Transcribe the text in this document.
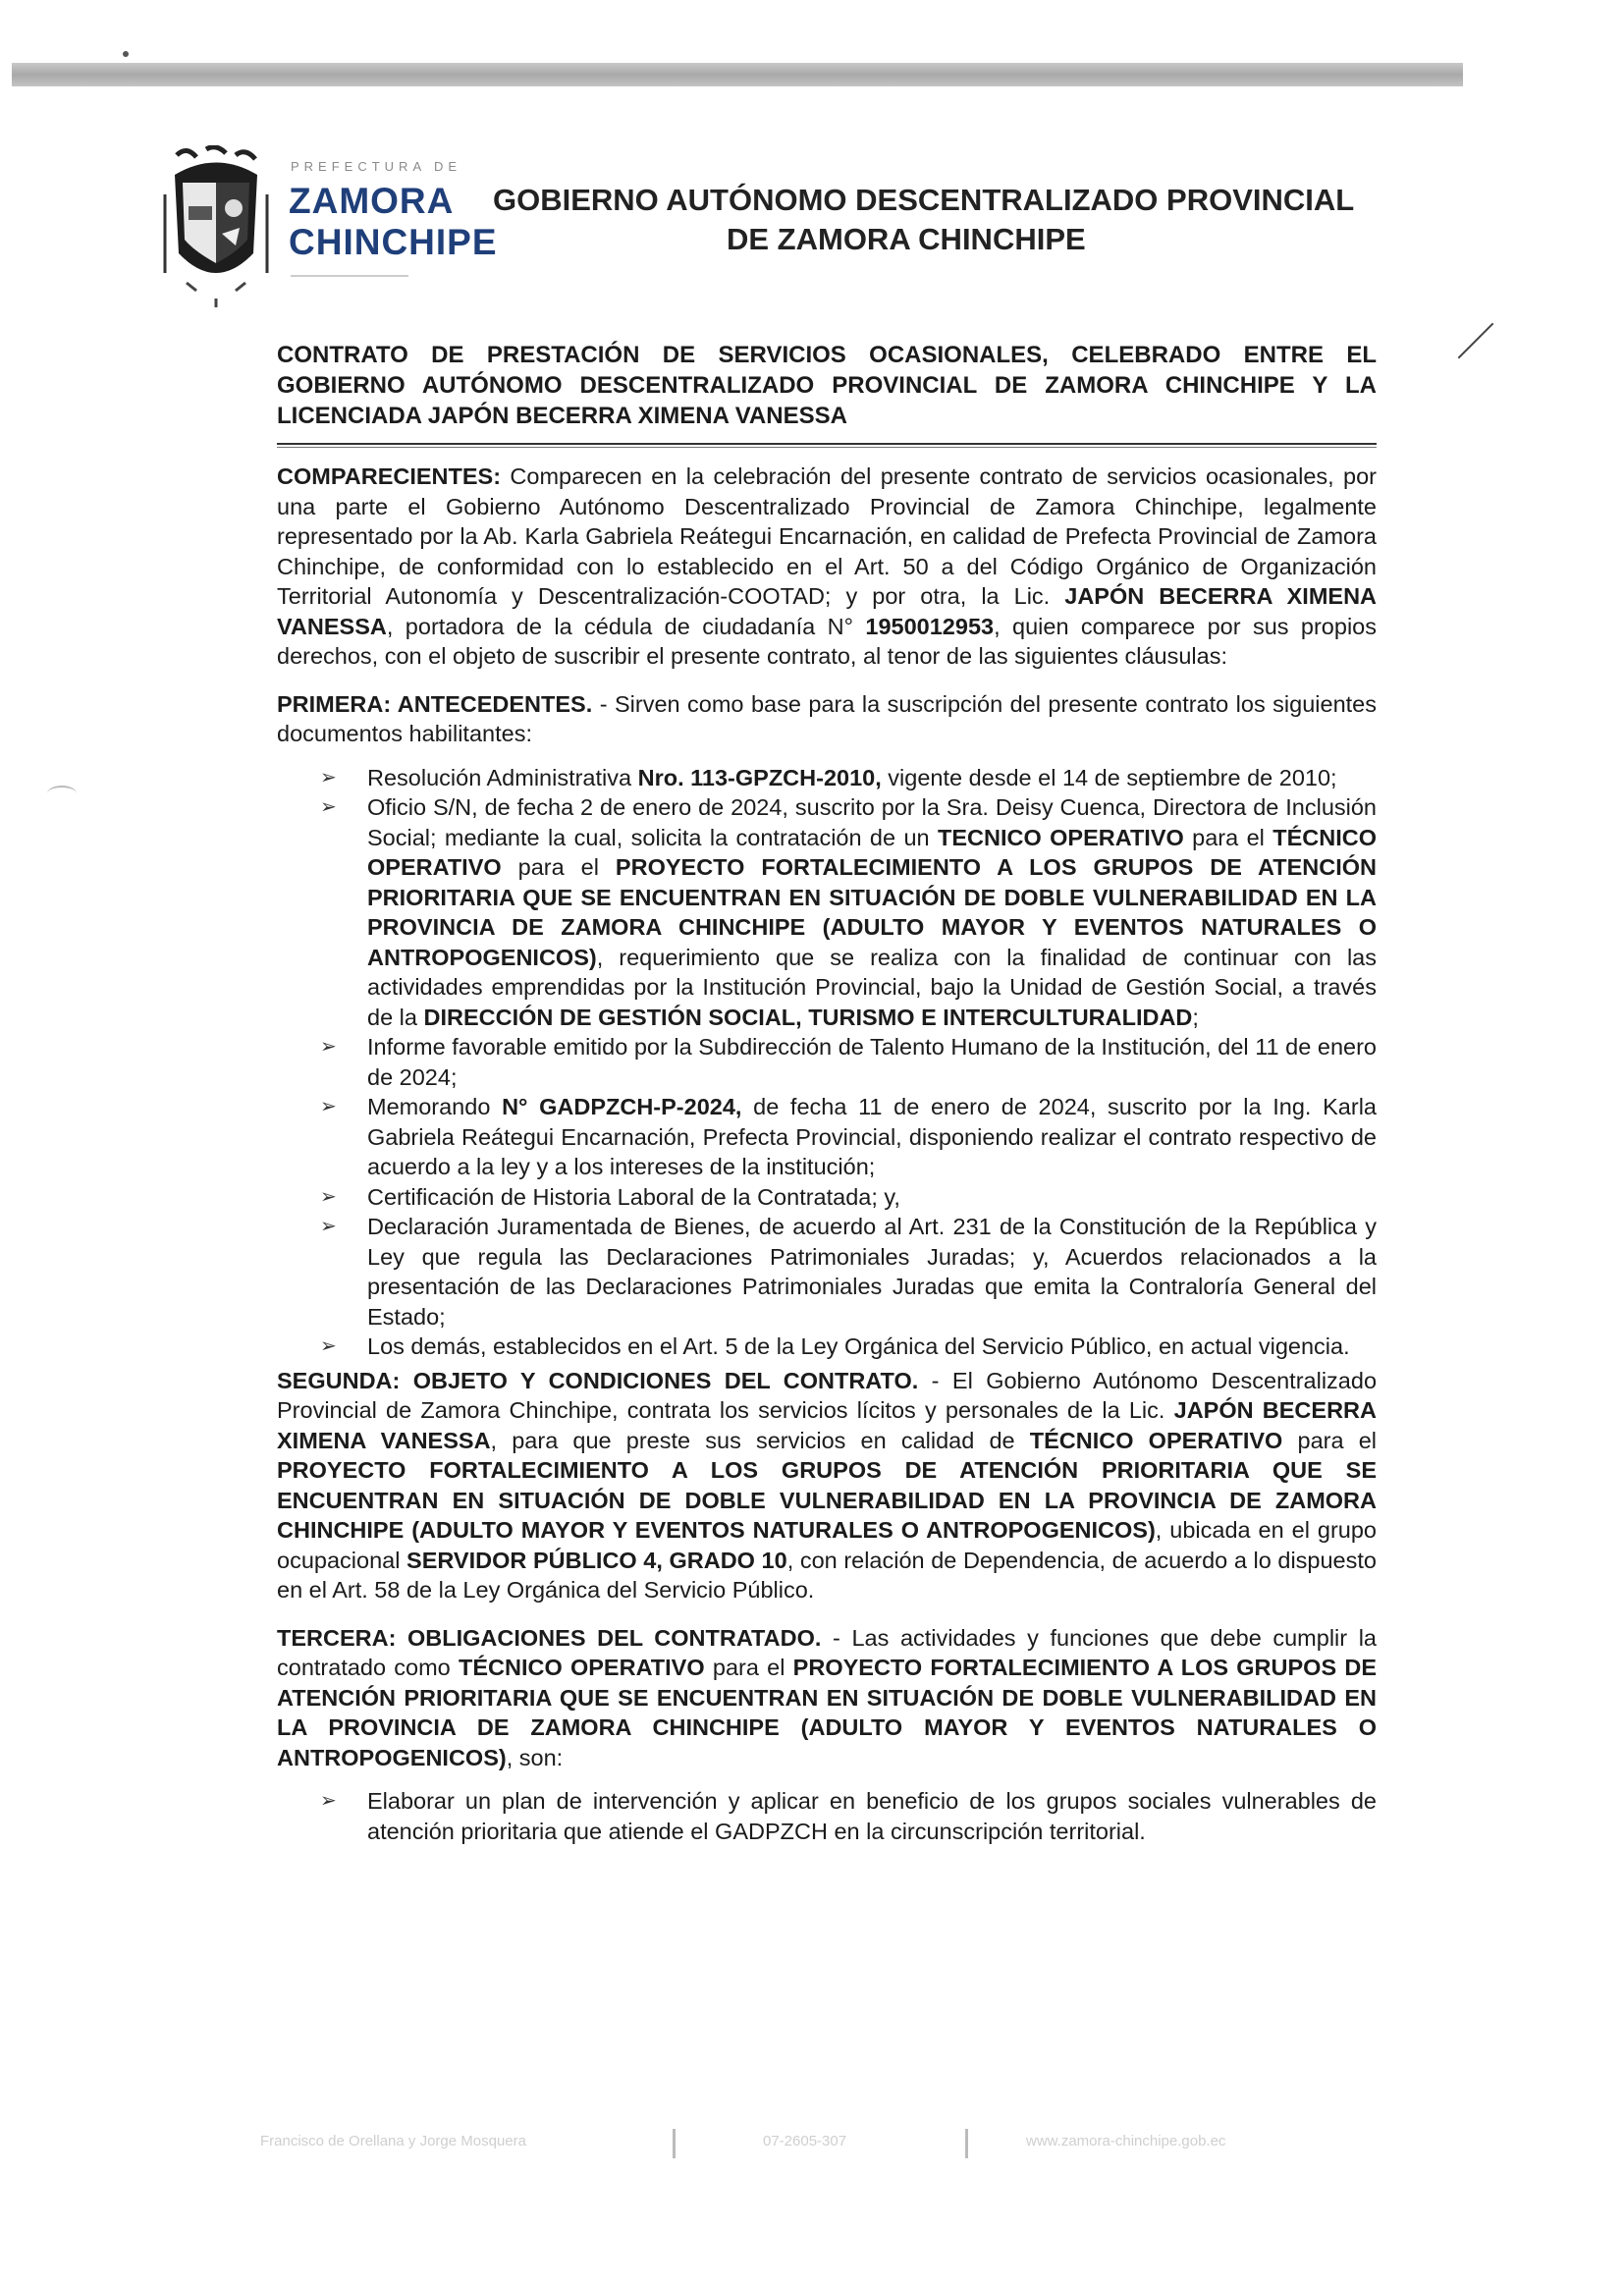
PREFECTURA DE
ZAMORA
CHINCHIPE
GOBIERNO AUTÓNOMO DESCENTRALIZADO PROVINCIAL
DE ZAMORA CHINCHIPE
CONTRATO DE PRESTACIÓN DE SERVICIOS OCASIONALES, CELEBRADO ENTRE EL GOBIERNO AUTÓNOMO DESCENTRALIZADO PROVINCIAL DE ZAMORA CHINCHIPE Y LA LICENCIADA JAPÓN BECERRA XIMENA VANESSA

COMPARECIENTES: Comparecen en la celebración del presente contrato de servicios ocasionales, por una parte el Gobierno Autónomo Descentralizado Provincial de Zamora Chinchipe, legalmente representado por la Ab. Karla Gabriela Reátegui Encarnación, en calidad de Prefecta Provincial de Zamora Chinchipe, de conformidad con lo establecido en el Art. 50 a del Código Orgánico de Organización Territorial Autonomía y Descentralización-COOTAD; y por otra, la Lic. JAPÓN BECERRA XIMENA VANESSA, portadora de la cédula de ciudadanía N° 1950012953, quien comparece por sus propios derechos, con el objeto de suscribir el presente contrato, al tenor de las siguientes cláusulas:

PRIMERA: ANTECEDENTES. - Sirven como base para la suscripción del presente contrato los siguientes documentos habilitantes:

➢ Resolución Administrativa Nro. 113-GPZCH-2010, vigente desde el 14 de septiembre de 2010;
➢ Oficio S/N, de fecha 2 de enero de 2024, suscrito por la Sra. Deisy Cuenca, Directora de Inclusión Social; mediante la cual, solicita la contratación de un TECNICO OPERATIVO para el TÉCNICO OPERATIVO para el PROYECTO FORTALECIMIENTO A LOS GRUPOS DE ATENCIÓN PRIORITARIA QUE SE ENCUENTRAN EN SITUACIÓN DE DOBLE VULNERABILIDAD EN LA PROVINCIA DE ZAMORA CHINCHIPE (ADULTO MAYOR Y EVENTOS NATURALES O ANTROPOGENICOS), requerimiento que se realiza con la finalidad de continuar con las actividades emprendidas por la Institución Provincial, bajo la Unidad de Gestión Social, a través de la DIRECCIÓN DE GESTIÓN SOCIAL, TURISMO E INTERCULTURALIDAD;
➢ Informe favorable emitido por la Subdirección de Talento Humano de la Institución, del 11 de enero de 2024;
➢ Memorando N° GADPZCH-P-2024, de fecha 11 de enero de 2024, suscrito por la Ing. Karla Gabriela Reátegui Encarnación, Prefecta Provincial, disponiendo realizar el contrato respectivo de acuerdo a la ley y a los intereses de la institución;
➢ Certificación de Historia Laboral de la Contratada; y,
➢ Declaración Juramentada de Bienes, de acuerdo al Art. 231 de la Constitución de la República y Ley que regula las Declaraciones Patrimoniales Juradas; y, Acuerdos relacionados a la presentación de las Declaraciones Patrimoniales Juradas que emita la Contraloría General del Estado;
➢ Los demás, establecidos en el Art. 5 de la Ley Orgánica del Servicio Público, en actual vigencia.

SEGUNDA: OBJETO Y CONDICIONES DEL CONTRATO. - El Gobierno Autónomo Descentralizado Provincial de Zamora Chinchipe, contrata los servicios lícitos y personales de la Lic. JAPÓN BECERRA XIMENA VANESSA, para que preste sus servicios en calidad de TÉCNICO OPERATIVO para el PROYECTO FORTALECIMIENTO A LOS GRUPOS DE ATENCIÓN PRIORITARIA QUE SE ENCUENTRAN EN SITUACIÓN DE DOBLE VULNERABILIDAD EN LA PROVINCIA DE ZAMORA CHINCHIPE (ADULTO MAYOR Y EVENTOS NATURALES O ANTROPOGENICOS), ubicada en el grupo ocupacional SERVIDOR PÚBLICO 4, GRADO 10, con relación de Dependencia, de acuerdo a lo dispuesto en el Art. 58 de la Ley Orgánica del Servicio Público.

TERCERA: OBLIGACIONES DEL CONTRATADO. - Las actividades y funciones que debe cumplir la contratado como TÉCNICO OPERATIVO para el PROYECTO FORTALECIMIENTO A LOS GRUPOS DE ATENCIÓN PRIORITARIA QUE SE ENCUENTRAN EN SITUACIÓN DE DOBLE VULNERABILIDAD EN LA PROVINCIA DE ZAMORA CHINCHIPE (ADULTO MAYOR Y EVENTOS NATURALES O ANTROPOGENICOS), son:

➢ Elaborar un plan de intervención y aplicar en beneficio de los grupos sociales vulnerables de atención prioritaria que atiende el GADPZCH en la circunscripción territorial.
Francisco de Orellana y Jorge Mosquera	07-2605-307	www.zamora-chinchipe.gob.ec
